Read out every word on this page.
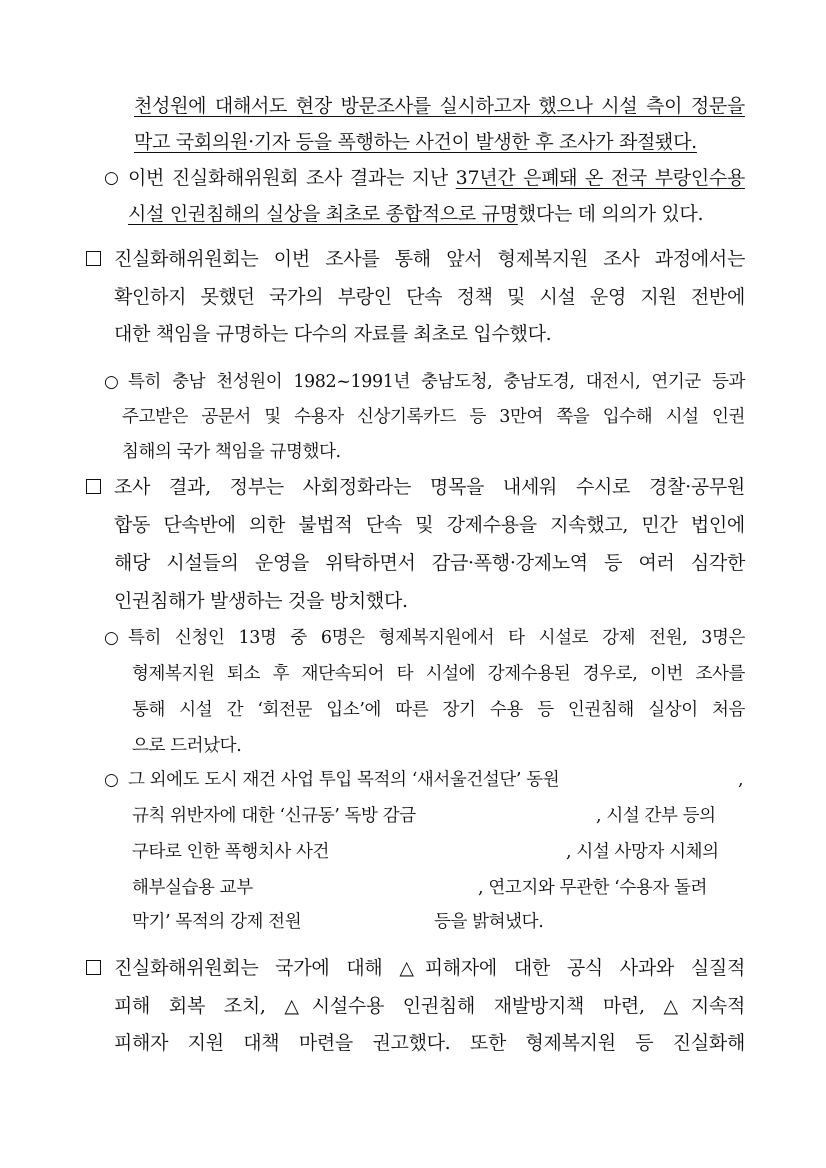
천성원에 대해서도 현장 방문조사를 실시하고자 했으나 시설 측이 정문을

막고 국회의원·기자 등을 폭행하는 사건이 발생한 후 조사가 좌절됐다.

○ 이번 진실화해위원회 조사 결과는 지난 37년간 은폐돼 온 전국 부랑인수용

시설 인권침해의 실상을 최초로 종합적으로 규명했다는 데 의의가 있다.

진실화해위원회는 이번 조사를 통해 앞서 형제복지원 조사 과정에서는

확인하지 못했던 국가의 부랑인 단속 정책 및 시설 운영 지원 전반에

대한 책임을 규명하는 다수의 자료를 최초로 입수했다.

○ 특히 충남 천성원이 1982~1991년 충남도청, 충남도경, 대전시, 연기군 등과

주고받은 공문서 및 수용자 신상기록카드 등 3만여 쪽을 입수해 시설 인권

침해의 국가 책임을 규명했다.

조사 결과, 정부는 사회정화라는 명목을 내세워 수시로 경찰·공무원

합동 단속반에 의한 불법적 단속 및 강제수용을 지속했고, 민간 법인에

해당 시설들의 운영을 위탁하면서 감금·폭행·강제노역 등 여러 심각한

인권침해가 발생하는 것을 방치했다.

○ 특히 신청인 13명 중 6명은 형제복지원에서 타 시설로 강제 전원, 3명은

형제복지원 퇴소 후 재단속되어 타 시설에 강제수용된 경우로, 이번 조사를

통해 시설 간 ‘회전문 입소’에 따른 장기 수용 등 인권침해 실상이 처음

으로 드러났다.

○ 그 외에도 도시 재건 사업 투입 목적의 ‘새서울건설단’ 동원	,

규칙 위반자에 대한 ‘신규동’ 독방 감금	, 시설 간부 등의

구타로 인한 폭행치사 사건	, 시설 사망자 시체의

해부실습용 교부	, 연고지와 무관한 ‘수용자 돌려

막기’ 목적의 강제 전원	등을 밝혀냈다.

진실화해위원회는 국가에 대해 △피해자에 대한 공식 사과와 실질적

피해 회복 조치, △시설수용 인권침해 재발방지책 마련, △지속적

피해자 지원 대책 마련을 권고했다. 또한 형제복지원 등 진실화해
